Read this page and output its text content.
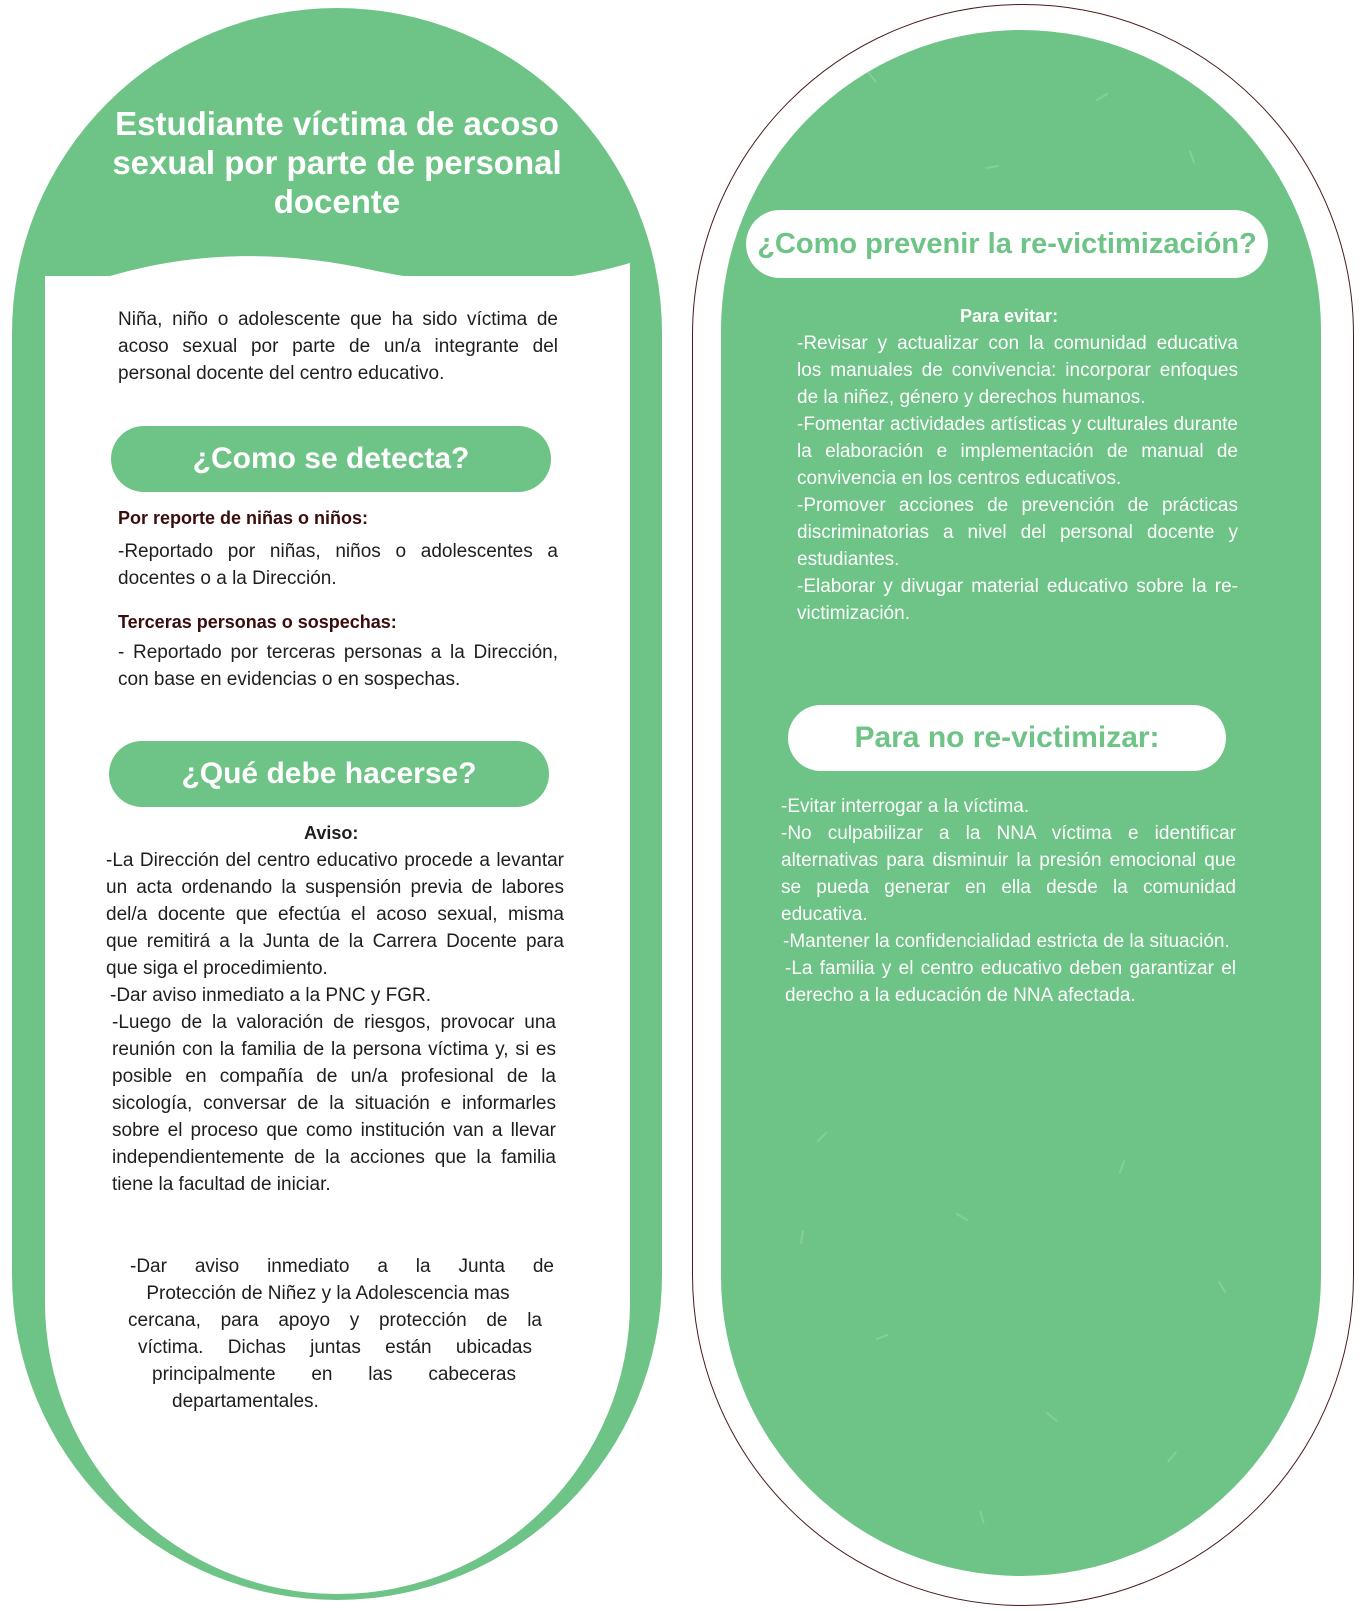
Estudiante víctima de acoso sexual por parte de personal docente

Niña, niño o adolescente que ha sido víctima de acoso sexual por parte de un/a integrante del personal docente del centro educativo.

¿Como se detecta?

Por reporte de niñas o niños:

-Reportado por niñas, niños o adolescentes a docentes o a la Dirección.

Terceras personas o sospechas:

- Reportado por terceras personas a la Dirección, con base en evidencias o en sospechas.

¿Qué debe hacerse?

Aviso:

-La Dirección del centro educativo procede a levantar un acta ordenando la suspensión previa de labores del/a docente que efectúa el acoso sexual, misma que remitirá a la Junta de la Carrera Docente para que siga el procedimiento.
-Dar aviso inmediato a la PNC y FGR.
-Luego de la valoración de riesgos, provocar una reunión con la familia de la persona víctima y, si es posible en compañía de un/a profesional de la sicología, conversar de la situación e informarles sobre el proceso que como institución van a llevar independientemente de la acciones que la familia tiene la facultad de iniciar.
-Dar aviso inmediato a la Junta de
Protección de Niñez y la Adolescencia mas
cercana, para apoyo y protección de la
víctima. Dichas juntas están ubicadas
principalmente en las cabeceras
departamentales.
¿Como prevenir la re-victimización?

Para evitar:

-Revisar y actualizar con la comunidad educativa los manuales de convivencia: incorporar enfoques de la niñez, género y derechos humanos.
-Fomentar actividades artísticas y culturales durante la elaboración e implementación de manual de convivencia en los centros educativos.
-Promover acciones de prevención de prácticas discriminatorias a nivel del personal docente y estudiantes.
-Elaborar y divugar material educativo sobre la re-victimización.
Para no re-victimizar:
-Evitar interrogar a la víctima.
-No culpabilizar a la NNA víctima e identificar alternativas para disminuir la presión emocional que se pueda generar en ella desde la comunidad educativa.
-Mantener la confidencialidad estricta de la situación.
-La familia y el centro educativo deben garantizar el derecho a la educación de NNA afectada.
